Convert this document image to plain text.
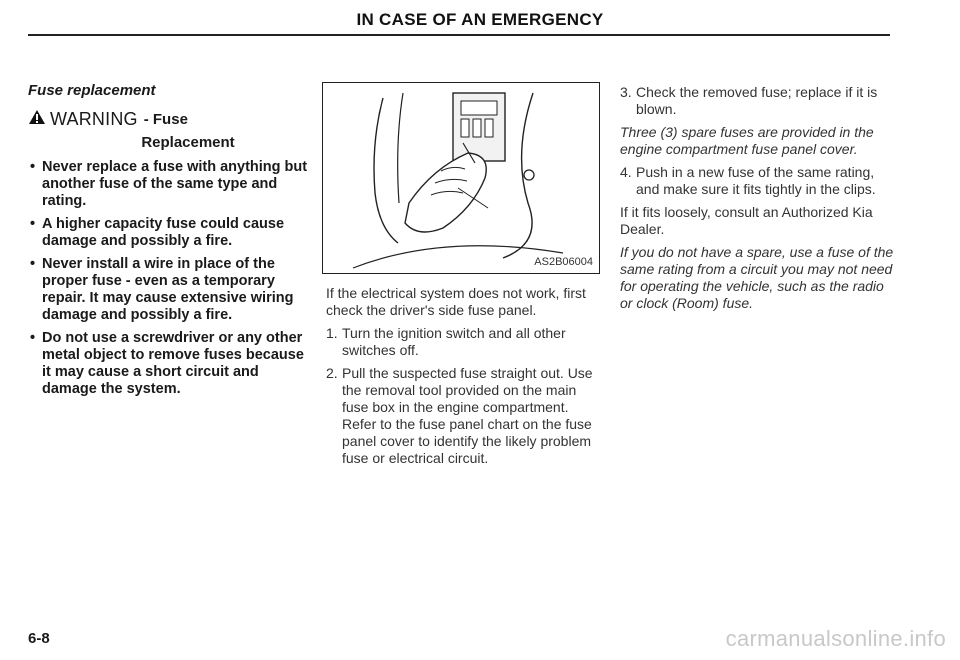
IN CASE OF AN EMERGENCY
Fuse replacement
WARNING - Fuse
Replacement
• Never replace a fuse with anything but another fuse of the same type and rating.
• A higher capacity fuse could cause damage and possibly a fire.
• Never install a wire in place of the proper fuse - even as a temporary repair. It may cause extensive wiring damage and possibly a fire.
• Do not use a screwdriver or any other metal object to remove fuses because it may cause a short circuit and damage the system.
AS2B06004

If the electrical system does not work, first check the driver's side fuse panel.

1. Turn the ignition switch and all other switches off.
2. Pull the suspected fuse straight out. Use the removal tool provided on the main fuse box in the engine compartment. Refer to the fuse panel chart on the fuse panel cover to identify the likely problem fuse or electrical circuit.
3. Check the removed fuse; replace if it is blown.

Three (3) spare fuses are provided in the engine compartment fuse panel cover.

4. Push in a new fuse of the same rating, and make sure it fits tightly in the clips.

If it fits loosely, consult an Authorized Kia Dealer.

If you do not have a spare, use a fuse of the same rating from a circuit you may not need for operating the vehicle, such as the radio or clock (Room) fuse.

6-8	carmanualsonline.info
